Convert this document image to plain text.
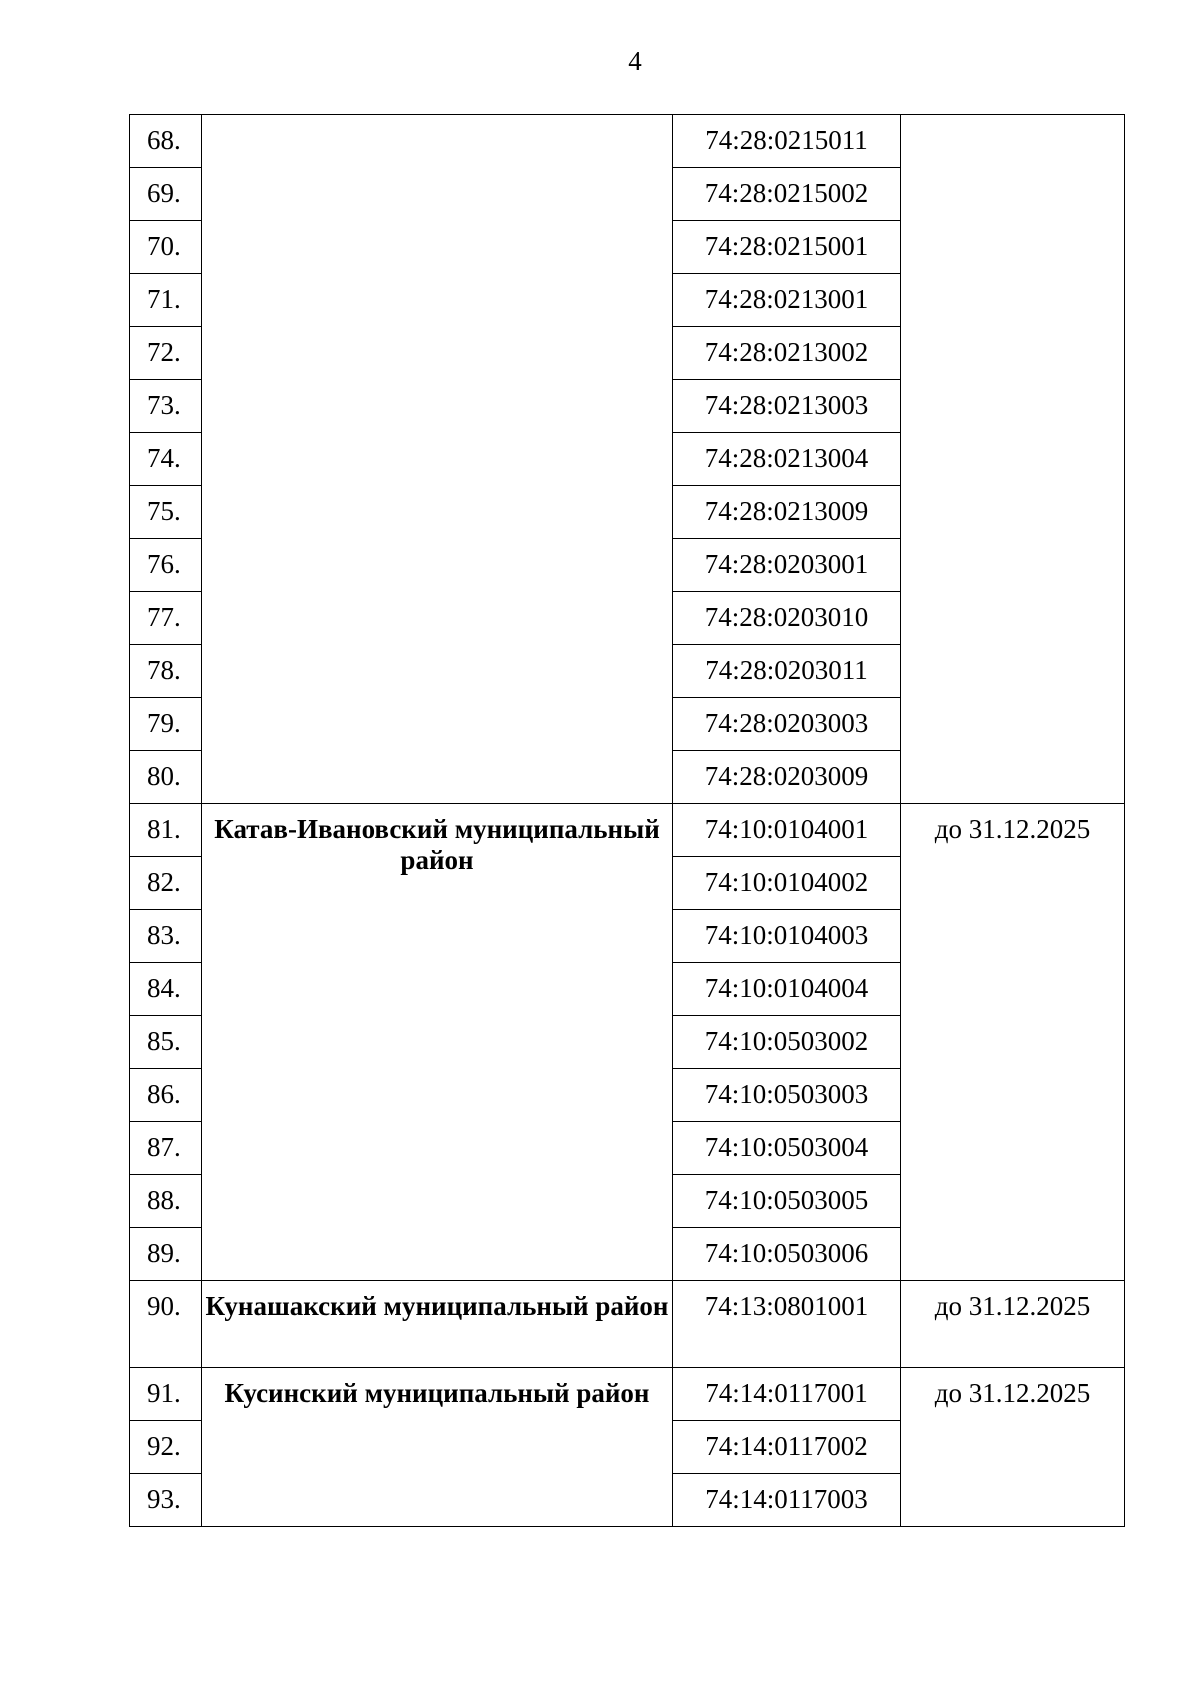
4
68.		74:28:0215011	
69.		74:28:0215002	
70.		74:28:0215001	
71.		74:28:0213001	
72.		74:28:0213002	
73.		74:28:0213003	
74.		74:28:0213004	
75.		74:28:0213009	
76.		74:28:0203001	
77.		74:28:0203010	
78.		74:28:0203011	
79.		74:28:0203003	
80.		74:28:0203009	
81.	Катав-Ивановский муниципальный район	74:10:0104001	до 31.12.2025
82.		74:10:0104002	
83.		74:10:0104003	
84.		74:10:0104004	
85.		74:10:0503002	
86.		74:10:0503003	
87.		74:10:0503004	
88.		74:10:0503005	
89.		74:10:0503006	
90.	Кунашакский муниципальный район	74:13:0801001	до 31.12.2025
91.	Кусинский муниципальный район	74:14:0117001	до 31.12.2025
92.		74:14:0117002	
93.		74:14:0117003	
